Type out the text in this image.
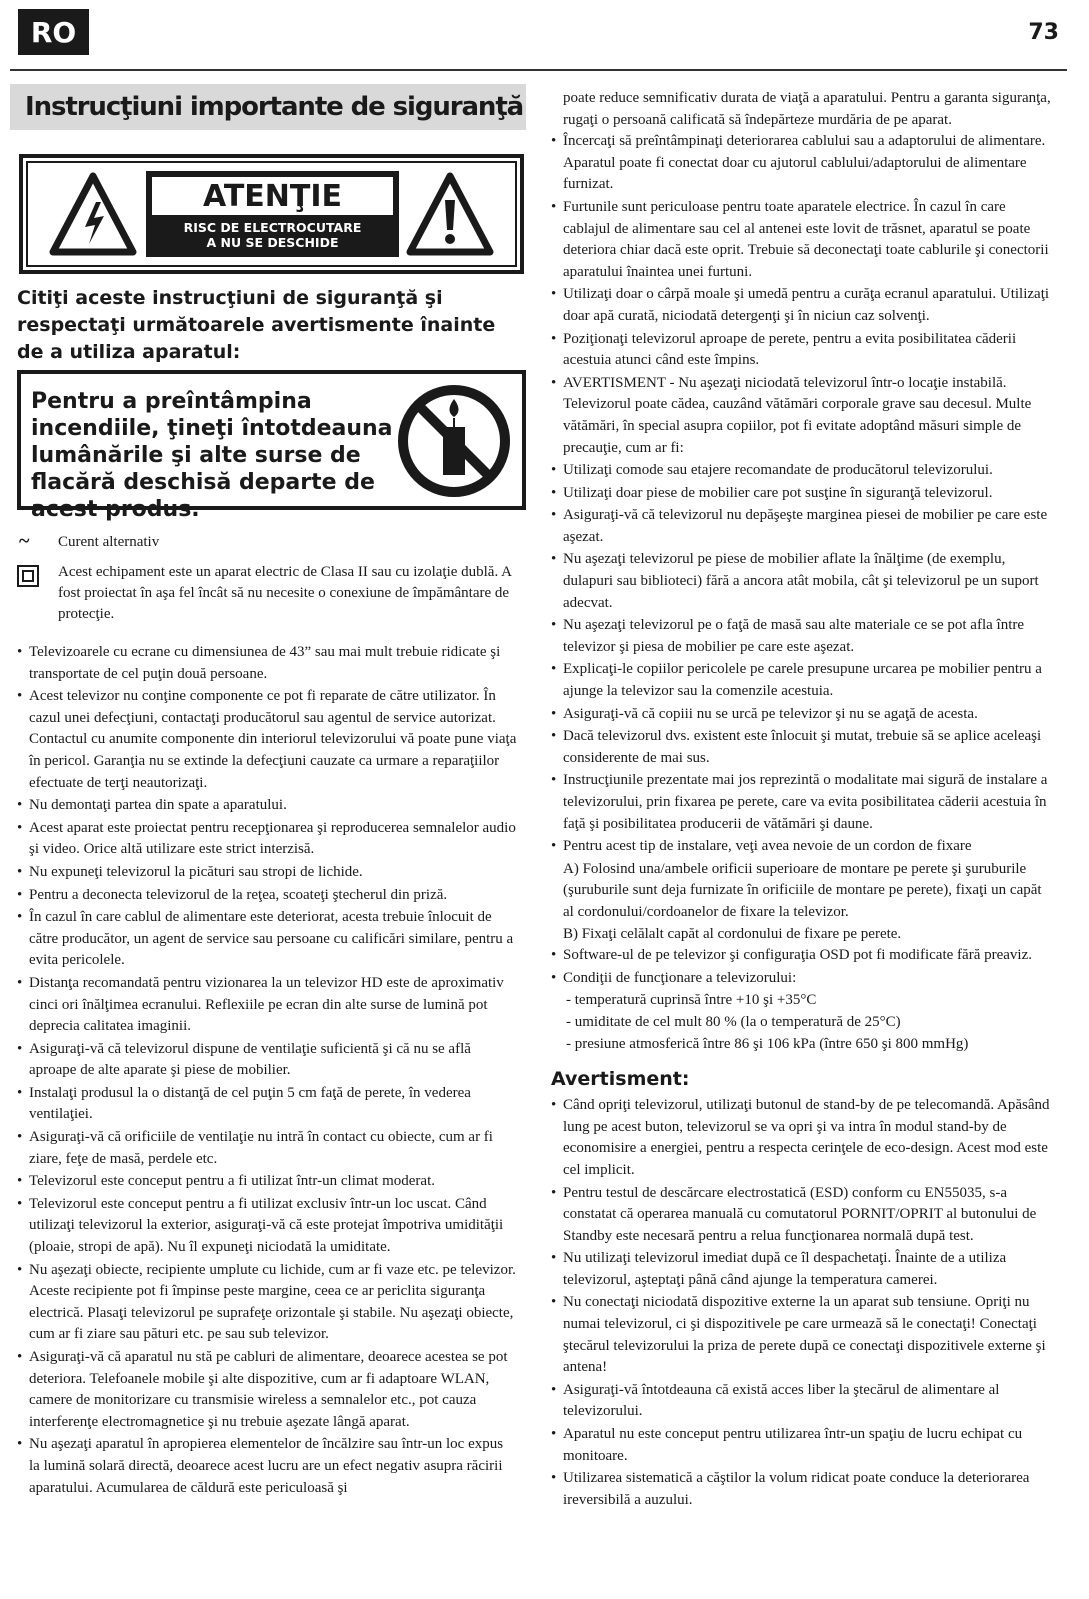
RO	73
Instrucţiuni importante de siguranţă
ATENŢIE
RISC DE ELECTROCUTARE
A NU SE DESCHIDE
Citiţi aceste instrucţiuni de siguranţă şi respectaţi următoarele avertismente înainte de a utiliza aparatul:
Pentru a preîntâmpina incendiile, ţineţi întotdeauna lumânările şi alte surse de flacără deschisă departe de acest produs.
~ Curent alternativ
Acest echipament este un aparat electric de Clasa II sau cu izolaţie dublă. A fost proiectat în aşa fel încât să nu necesite o conexiune de împământare de protecţie.
• Televizoarele cu ecrane cu dimensiunea de 43” sau mai mult trebuie ridicate şi transportate de cel puţin două persoane.
• Acest televizor nu conţine componente ce pot fi reparate de către utilizator. În cazul unei defecţiuni, contactaţi producătorul sau agentul de service autorizat. Contactul cu anumite componente din interiorul televizorului vă poate pune viaţa în pericol. Garanţia nu se extinde la defecţiuni cauzate ca urmare a reparaţiilor efectuate de terţi neautorizaţi.
• Nu demontaţi partea din spate a aparatului.
• Acest aparat este proiectat pentru recepţionarea şi reproducerea semnalelor audio şi video. Orice altă utilizare este strict interzisă.
• Nu expuneţi televizorul la picături sau stropi de lichide.
• Pentru a deconecta televizorul de la reţea, scoateţi ştecherul din priză.
• În cazul în care cablul de alimentare este deteriorat, acesta trebuie înlocuit de către producător, un agent de service sau persoane cu calificări similare, pentru a evita pericolele.
• Distanţa recomandată pentru vizionarea la un televizor HD este de aproximativ cinci ori înălţimea ecranului. Reflexiile pe ecran din alte surse de lumină pot deprecia calitatea imaginii.
• Asiguraţi-vă că televizorul dispune de ventilaţie suficientă şi că nu se află aproape de alte aparate şi piese de mobilier.
• Instalaţi produsul la o distanţă de cel puţin 5 cm faţă de perete, în vederea ventilaţiei.
• Asiguraţi-vă că orificiile de ventilaţie nu intră în contact cu obiecte, cum ar fi ziare, feţe de masă, perdele etc.
• Televizorul este conceput pentru a fi utilizat într-un climat moderat.
• Televizorul este conceput pentru a fi utilizat exclusiv într-un loc uscat. Când utilizaţi televizorul la exterior, asiguraţi-vă că este protejat împotriva umidităţii (ploaie, stropi de apă). Nu îl expuneţi niciodată la umiditate.
• Nu aşezaţi obiecte, recipiente umplute cu lichide, cum ar fi vaze etc. pe televizor. Aceste recipiente pot fi împinse peste margine, ceea ce ar periclita siguranţa electrică. Plasaţi televizorul pe suprafeţe orizontale şi stabile. Nu aşezaţi obiecte, cum ar fi ziare sau pături etc. pe sau sub televizor.
• Asiguraţi-vă că aparatul nu stă pe cabluri de alimentare, deoarece acestea se pot deteriora. Telefoanele mobile şi alte dispozitive, cum ar fi adaptoare WLAN, camere de monitorizare cu transmisie wireless a semnalelor etc., pot cauza interferenţe electromagnetice şi nu trebuie aşezate lângă aparat.
• Nu aşezaţi aparatul în apropierea elementelor de încălzire sau într-un loc expus la lumină solară directă, deoarece acest lucru are un efect negativ asupra răcirii aparatului. Acumularea de căldură este periculoasă şi
poate reduce semnificativ durata de viaţă a aparatului. Pentru a garanta siguranţa, rugaţi o persoană calificată să îndepărteze murdăria de pe aparat.
• Încercaţi să preîntâmpinaţi deteriorarea cablului sau a adaptorului de alimentare. Aparatul poate fi conectat doar cu ajutorul cablului/adaptorului de alimentare furnizat.
• Furtunile sunt periculoase pentru toate aparatele electrice. În cazul în care cablajul de alimentare sau cel al antenei este lovit de trăsnet, aparatul se poate deteriora chiar dacă este oprit. Trebuie să deconectaţi toate cablurile şi conectorii aparatului înaintea unei furtuni.
• Utilizaţi doar o cârpă moale şi umedă pentru a curăţa ecranul aparatului. Utilizaţi doar apă curată, niciodată detergenţi şi în niciun caz solvenţi.
• Poziţionaţi televizorul aproape de perete, pentru a evita posibilitatea căderii acestuia atunci când este împins.
• AVERTISMENT - Nu aşezaţi niciodată televizorul într-o locaţie instabilă. Televizorul poate cădea, cauzând vătămări corporale grave sau decesul. Multe vătămări, în special asupra copiilor, pot fi evitate adoptând măsuri simple de precauţie, cum ar fi:
• Utilizaţi comode sau etajere recomandate de producătorul televizorului.
• Utilizaţi doar piese de mobilier care pot susţine în siguranţă televizorul.
• Asiguraţi-vă că televizorul nu depăşeşte marginea piesei de mobilier pe care este aşezat.
• Nu aşezaţi televizorul pe piese de mobilier aflate la înălţime (de exemplu, dulapuri sau biblioteci) fără a ancora atât mobila, cât şi televizorul pe un suport adecvat.
• Nu aşezaţi televizorul pe o faţă de masă sau alte materiale ce se pot afla între televizor şi piesa de mobilier pe care este aşezat.
• Explicaţi-le copiilor pericolele pe carele presupune urcarea pe mobilier pentru a ajunge la televizor sau la comenzile acestuia.
• Asiguraţi-vă că copiii nu se urcă pe televizor şi nu se agaţă de acesta.
• Dacă televizorul dvs. existent este înlocuit şi mutat, trebuie să se aplice aceleaşi considerente de mai sus.
• Instrucţiunile prezentate mai jos reprezintă o modalitate mai sigură de instalare a televizorului, prin fixarea pe perete, care va evita posibilitatea căderii acestuia în faţă şi posibilitatea producerii de vătămări şi daune.
• Pentru acest tip de instalare, veţi avea nevoie de un cordon de fixare
A) Folosind una/ambele orificii superioare de montare pe perete şi şuruburile (şuruburile sunt deja furnizate în orificiile de montare pe perete), fixaţi un capăt al cordonului/cordoanelor de fixare la televizor.
B) Fixaţi celălalt capăt al cordonului de fixare pe perete.
• Software-ul de pe televizor şi configuraţia OSD pot fi modificate fără preaviz.
• Condiţii de funcţionare a televizorului:
- temperatură cuprinsă între +10 şi +35°C
- umiditate de cel mult 80 % (la o temperatură de 25°C)
- presiune atmosferică între 86 şi 106 kPa (între 650 şi 800 mmHg)
Avertisment:
• Când opriţi televizorul, utilizaţi butonul de stand-by de pe telecomandă. Apăsând lung pe acest buton, televizorul se va opri şi va intra în modul stand-by de economisire a energiei, pentru a respecta cerinţele de eco-design. Acest mod este cel implicit.
• Pentru testul de descărcare electrostatică (ESD) conform cu EN55035, s-a constatat că operarea manuală cu comutatorul PORNIT/OPRIT al butonului de Standby este necesară pentru a relua funcţionarea normală după test.
• Nu utilizaţi televizorul imediat după ce îl despachetaţi. Înainte de a utiliza televizorul, aşteptaţi până când ajunge la temperatura camerei.
• Nu conectaţi niciodată dispozitive externe la un aparat sub tensiune. Opriţi nu numai televizorul, ci şi dispozitivele pe care urmează să le conectaţi! Conectaţi ştecărul televizorului la priza de perete după ce conectaţi dispozitivele externe şi antena!
• Asiguraţi-vă întotdeauna că există acces liber la ştecărul de alimentare al televizorului.
• Aparatul nu este conceput pentru utilizarea într-un spaţiu de lucru echipat cu monitoare.
• Utilizarea sistematică a căştilor la volum ridicat poate conduce la deteriorarea ireversibilă a auzului.
